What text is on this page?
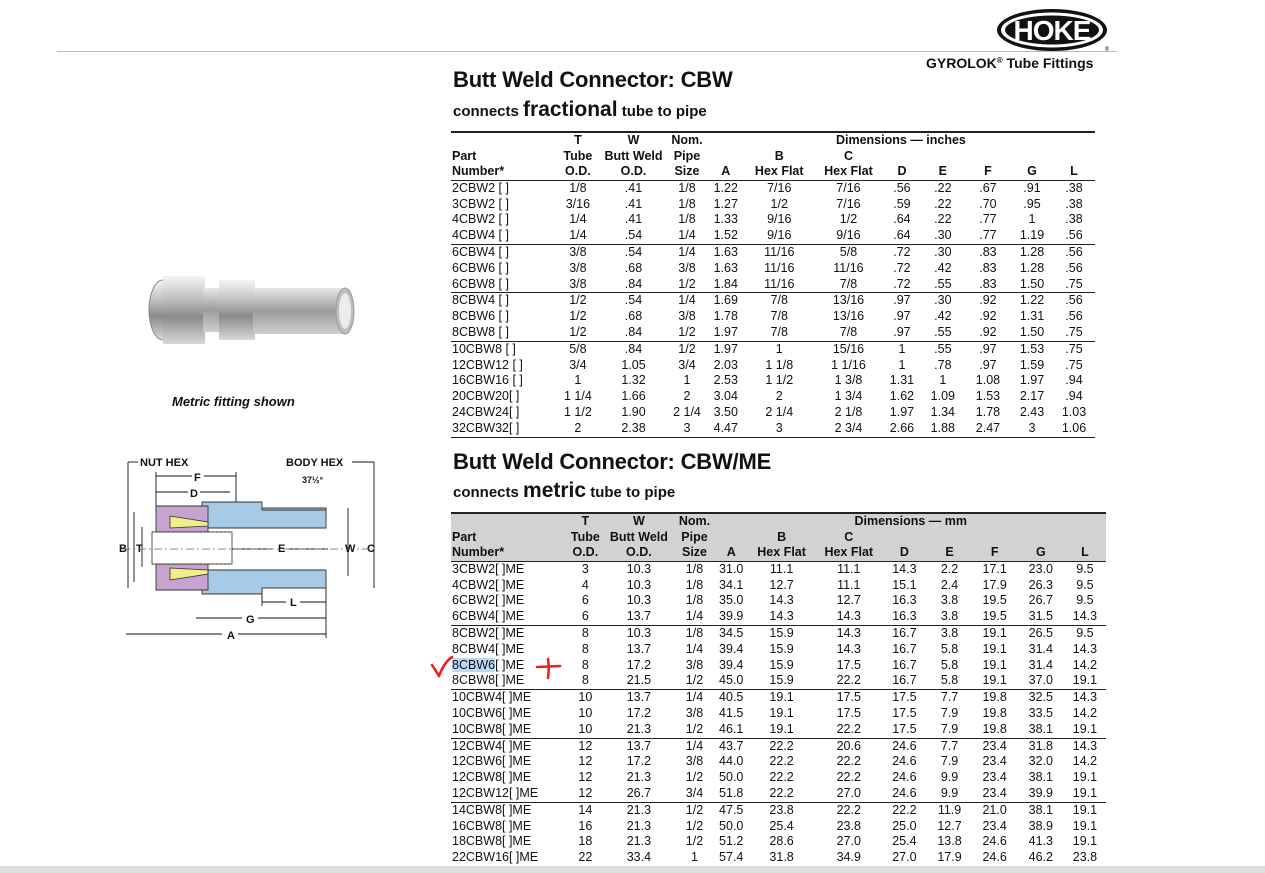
HOKE
®
GYROLOK® Tube Fittings
Butt Weld Connector: CBW
connects fractional tube to pipe

	T	W	Nom.	Dimensions — inches							
Part	Tube	Butt Weld	Pipe		B	C					
Number*	O.D.	O.D.	Size	A	Hex Flat	Hex Flat	D	E	F	G	L
2CBW2 [ ]	1/8	.41	1/8	1.22	7/16	7/16	.56	.22	.67	.91	.38
3CBW2 [ ]	3/16	.41	1/8	1.27	1/2	7/16	.59	.22	.70	.95	.38
4CBW2 [ ]	1/4	.41	1/8	1.33	9/16	1/2	.64	.22	.77	1	.38
4CBW4 [ ]	1/4	.54	1/4	1.52	9/16	9/16	.64	.30	.77	1.19	.56
6CBW4 [ ]	3/8	.54	1/4	1.63	11/16	5/8	.72	.30	.83	1.28	.56
6CBW6 [ ]	3/8	.68	3/8	1.63	11/16	11/16	.72	.42	.83	1.28	.56
6CBW8 [ ]	3/8	.84	1/2	1.84	11/16	7/8	.72	.55	.83	1.50	.75
8CBW4 [ ]	1/2	.54	1/4	1.69	7/8	13/16	.97	.30	.92	1.22	.56
8CBW6 [ ]	1/2	.68	3/8	1.78	7/8	13/16	.97	.42	.92	1.31	.56
8CBW8 [ ]	1/2	.84	1/2	1.97	7/8	7/8	.97	.55	.92	1.50	.75
10CBW8 [ ]	5/8	.84	1/2	1.97	1	15/16	1	.55	.97	1.53	.75
12CBW12 [ ]	3/4	1.05	3/4	2.03	1 1/8	1 1/16	1	.78	.97	1.59	.75
16CBW16 [ ]	1	1.32	1	2.53	1 1/2	1 3/8	1.31	1	1.08	1.97	.94
20CBW20[ ]	1 1/4	1.66	2	3.04	2	1 3/4	1.62	1.09	1.53	2.17	.94
24CBW24[ ]	1 1/2	1.90	2 1/4	3.50	2 1/4	2 1/8	1.97	1.34	1.78	2.43	1.03
32CBW32[ ]	2	2.38	3	4.47	3	2 3/4	2.66	1.88	2.47	3	1.06
Butt Weld Connector: CBW/ME
connects metric tube to pipe

	T	W	Nom.	Dimensions — mm							
Part	Tube	Butt Weld	Pipe		B	C					
Number*	O.D.	O.D.	Size	A	Hex Flat	Hex Flat	D	E	F	G	L
3CBW2[ ]ME	3	10.3	1/8	31.0	11.1	11.1	14.3	2.2	17.1	23.0	9.5
4CBW2[ ]ME	4	10.3	1/8	34.1	12.7	11.1	15.1	2.4	17.9	26.3	9.5
6CBW2[ ]ME	6	10.3	1/8	35.0	14.3	12.7	16.3	3.8	19.5	26.7	9.5
6CBW4[ ]ME	6	13.7	1/4	39.9	14.3	14.3	16.3	3.8	19.5	31.5	14.3
8CBW2[ ]ME	8	10.3	1/8	34.5	15.9	14.3	16.7	3.8	19.1	26.5	9.5
8CBW4[ ]ME	8	13.7	1/4	39.4	15.9	14.3	16.7	5.8	19.1	31.4	14.3
8CBW6[ ]ME	8	17.2	3/8	39.4	15.9	17.5	16.7	5.8	19.1	31.4	14.2
8CBW8[ ]ME	8	21.5	1/2	45.0	15.9	22.2	16.7	5.8	19.1	37.0	19.1
10CBW4[ ]ME	10	13.7	1/4	40.5	19.1	17.5	17.5	7.7	19.8	32.5	14.3
10CBW6[ ]ME	10	17.2	3/8	41.5	19.1	17.5	17.5	7.9	19.8	33.5	14.2
10CBW8[ ]ME	10	21.3	1/2	46.1	19.1	22.2	17.5	7.9	19.8	38.1	19.1
12CBW4[ ]ME	12	13.7	1/4	43.7	22.2	20.6	24.6	7.7	23.4	31.8	14.3
12CBW6[ ]ME	12	17.2	3/8	44.0	22.2	22.2	24.6	7.9	23.4	32.0	14.2
12CBW8[ ]ME	12	21.3	1/2	50.0	22.2	22.2	24.6	9.9	23.4	38.1	19.1
12CBW12[ ]ME	12	26.7	3/4	51.8	22.2	27.0	24.6	9.9	23.4	39.9	19.1
14CBW8[ ]ME	14	21.3	1/2	47.5	23.8	22.2	22.2	11.9	21.0	38.1	19.1
16CBW8[ ]ME	16	21.3	1/2	50.0	25.4	23.8	25.0	12.7	23.4	38.9	19.1
18CBW8[ ]ME	18	21.3	1/2	51.2	28.6	27.0	25.4	13.8	24.6	41.3	19.1
22CBW16[ ]ME	22	33.4	1	57.4	31.8	34.9	27.0	17.9	24.6	46.2	23.8
Metric fitting shown
NUT HEX	BODY HEX
37½°
F
D
B T	E	W C
L
G
A
